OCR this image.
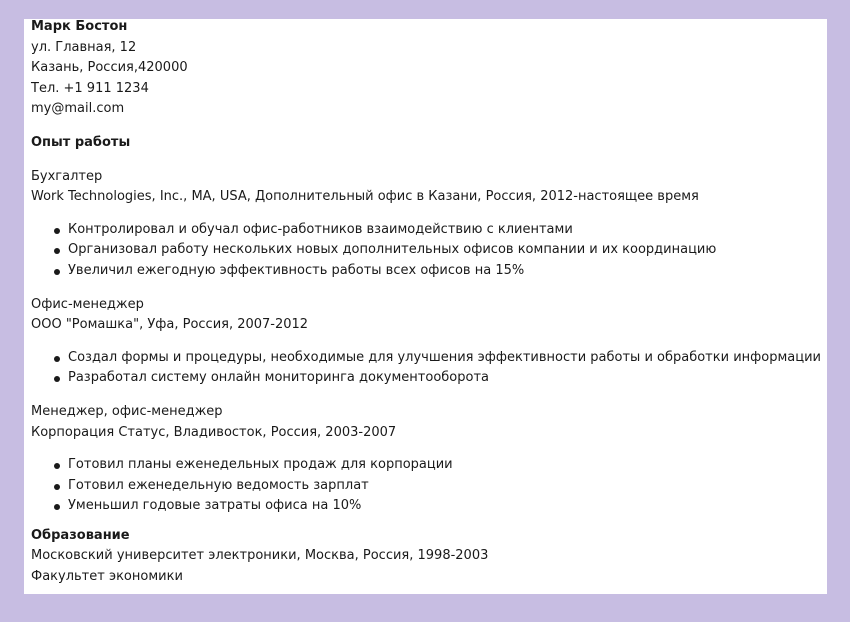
Марк Бостон

ул. Главная, 12

Казань, Россия,420000

Тел. +1 911 1234

my@mail.com

Опыт работы

Бухгалтер

Work Technologies, Inc., MA, USA, Дополнительный офис в Казани, Россия, 2012-настоящее время

Контролировал и обучал офис-работников взаимодействию с клиентами
Организовал работу нескольких новых дополнительных офисов компании и их координацию
Увеличил ежегодную эффективность работы всех офисов на 15%

Офис-менеджер

ООО "Ромашка", Уфа, Россия, 2007-2012

Создал формы и процедуры, необходимые для улучшения эффективности работы и обработки информации
Разработал систему онлайн мониторинга документооборота

Менеджер, офис-менеджер

Корпорация Статус, Владивосток, Россия, 2003-2007

Готовил планы еженедельных продаж для корпорации
Готовил еженедельную ведомость зарплат
Уменьшил годовые затраты офиса на 10%

Образование

Московский университет электроники, Москва, Россия, 1998-2003

Факультет экономики
